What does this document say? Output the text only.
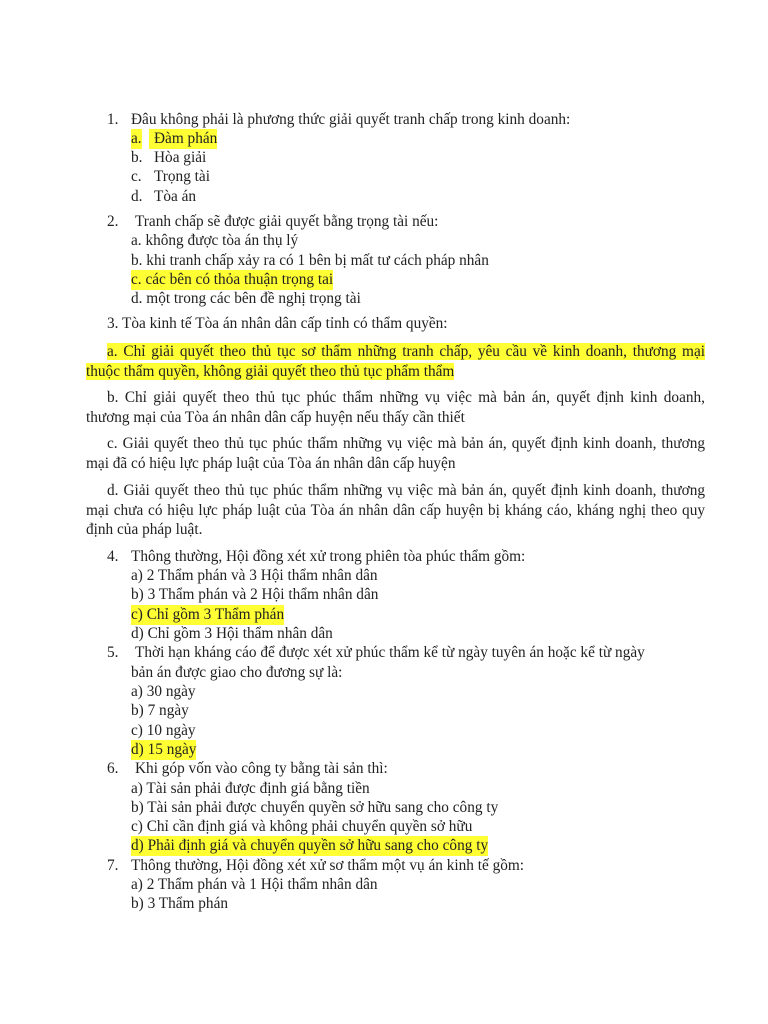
1. Đâu không phải là phương thức giải quyết tranh chấp trong kinh doanh:
a. Đàm phán
b. Hòa giải
c. Trọng tài
d. Tòa án
2. Tranh chấp sẽ được giải quyết bằng trọng tài nếu:
a. không được tòa án thụ lý
b. khi tranh chấp xảy ra có 1 bên bị mất tư cách pháp nhân
c. các bên có thỏa thuận trọng tai
d. một trong các bên đề nghị trọng tài
3. Tòa kinh tế Tòa án nhân dân cấp tỉnh có thẩm quyền:
a. Chỉ giải quyết theo thủ tục sơ thẩm những tranh chấp, yêu cầu về kinh doanh, thương mại thuộc thẩm quyền, không giải quyết theo thủ tục phẩm thẩm
b. Chỉ giải quyết theo thủ tục phúc thẩm những vụ việc mà bản án, quyết định kinh doanh, thương mại của Tòa án nhân dân cấp huyện nếu thấy cần thiết
c. Giải quyết theo thủ tục phúc thẩm những vụ việc mà bản án, quyết định kinh doanh, thương mại đã có hiệu lực pháp luật của Tòa án nhân dân cấp huyện
d. Giải quyết theo thủ tục phúc thẩm những vụ việc mà bản án, quyết định kinh doanh, thương mại chưa có hiệu lực pháp luật của Tòa án nhân dân cấp huyện bị kháng cáo, kháng nghị theo quy định của pháp luật.
4. Thông thường, Hội đồng xét xử trong phiên tòa phúc thẩm gồm:
a) 2 Thẩm phán và 3 Hội thẩm nhân dân
b) 3 Thẩm phán và 2 Hội thẩm nhân dân
c) Chỉ gồm 3 Thẩm phán
d) Chỉ gồm 3 Hội thẩm nhân dân
5. Thời hạn kháng cáo để được xét xử phúc thẩm kể từ ngày tuyên án hoặc kể từ ngày
bản án được giao cho đương sự là:
a) 30 ngày
b) 7 ngày
c) 10 ngày
d) 15 ngày
6. Khi góp vốn vào công ty bằng tài sản thì:
a) Tài sản phải được định giá bằng tiền
b) Tài sản phải được chuyển quyền sở hữu sang cho công ty
c) Chỉ cần định giá và không phải chuyển quyền sở hữu
d) Phải định giá và chuyển quyền sở hữu sang cho công ty
7. Thông thường, Hội đồng xét xử sơ thẩm một vụ án kinh tế gồm:
a) 2 Thẩm phán và 1 Hội thẩm nhân dân
b) 3 Thẩm phán
